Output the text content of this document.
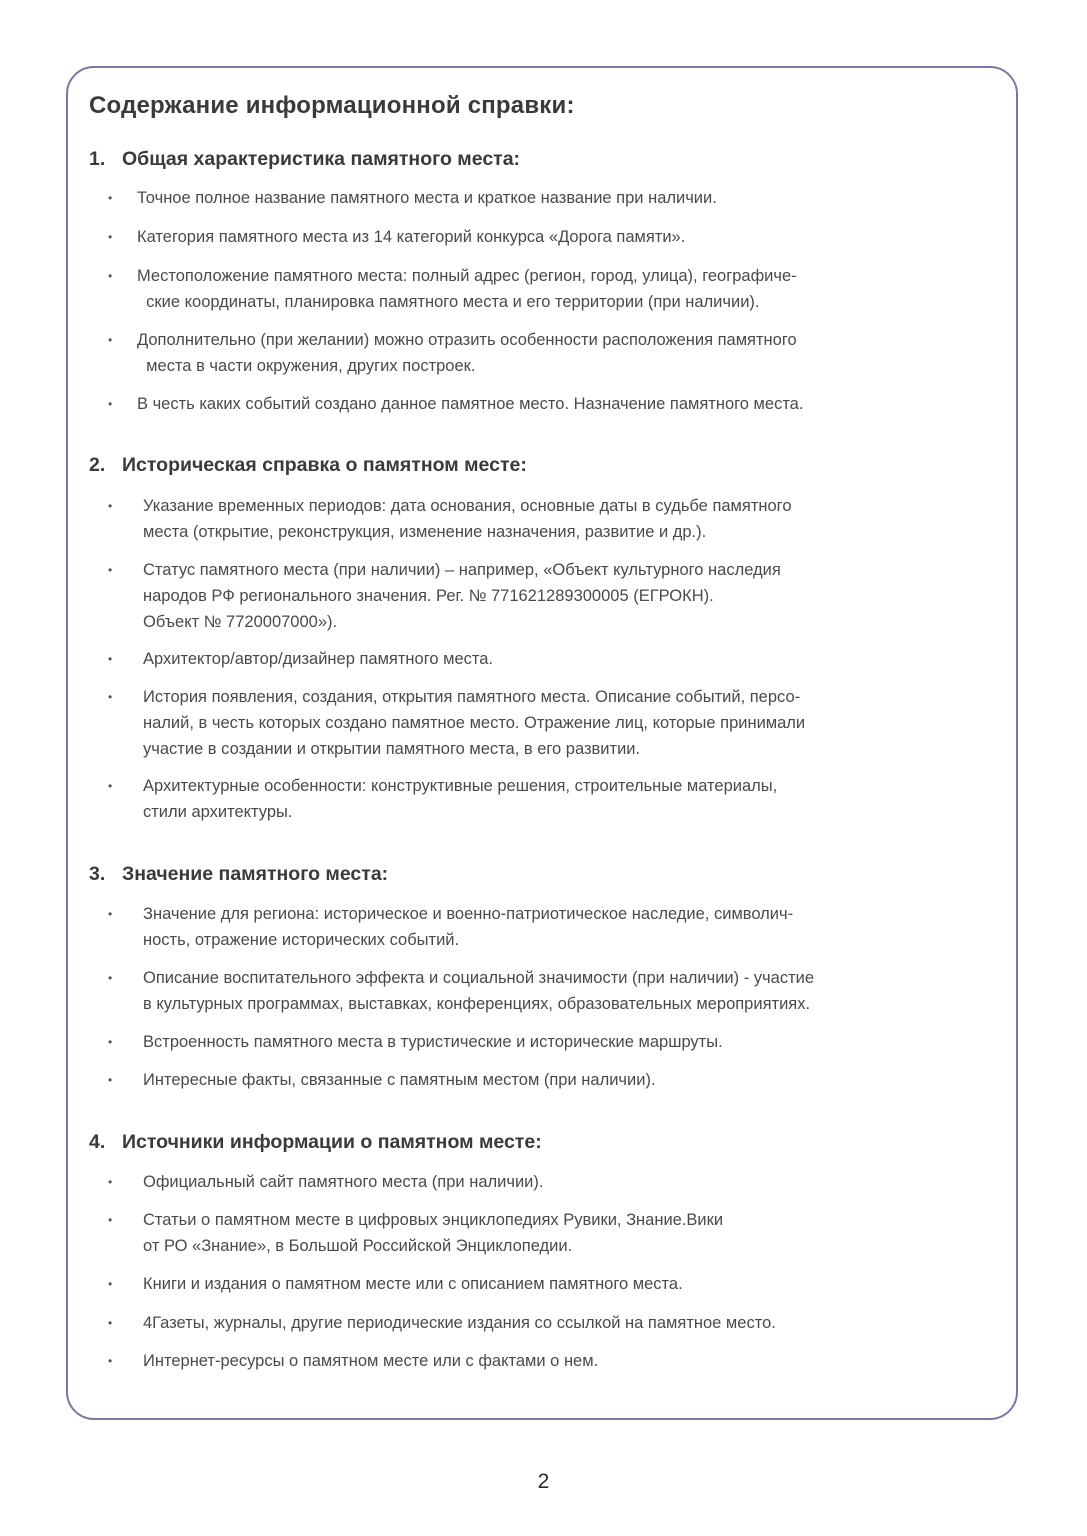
Содержание информационной справки:
1. Общая характеристика памятного места:
•	Точное полное название памятного места и краткое название при наличии.
•	Категория памятного места из 14 категорий конкурса «Дорога памяти».
•	Местоположение памятного места: полный адрес (регион, город, улица), географиче-
ские координаты, планировка памятного места и его территории (при наличии).
•	Дополнительно (при желании) можно отразить особенности расположения памятного
места в части окружения, других построек.
•	В честь каких событий создано данное памятное место. Назначение памятного места.
2. Историческая справка о памятном месте:
•	Указание временных периодов: дата основания, основные даты в судьбе памятного
места (открытие, реконструкция, изменение назначения, развитие и др.).
•	Статус памятного места (при наличии) – например, «Объект культурного наследия
народов РФ регионального значения. Рег. № 771621289300005 (ЕГРОКН).
Объект № 7720007000»).
•	Архитектор/автор/дизайнер памятного места.
•	История появления, создания, открытия памятного места. Описание событий, персо-
налий, в честь которых создано памятное место. Отражение лиц, которые принимали
участие в создании и открытии памятного места, в его развитии.
•	Архитектурные особенности: конструктивные решения, строительные материалы,
стили архитектуры.
3. Значение памятного места:
•	Значение для региона: историческое и военно-патриотическое наследие, символич-
ность, отражение исторических событий.
•	Описание воспитательного эффекта и социальной значимости (при наличии) - участие
в культурных программах, выставках, конференциях, образовательных мероприятиях.
•	Встроенность памятного места в туристические и исторические маршруты.
•	Интересные факты, связанные с памятным местом (при наличии).
4. Источники информации о памятном месте:
•	Официальный сайт памятного места (при наличии).
•	Статьи о памятном месте в цифровых энциклопедиях Рувики, Знание.Вики
от РО «Знание», в Большой Российской Энциклопедии.
•	Книги и издания о памятном месте или с описанием памятного места.
•	4Газеты, журналы, другие периодические издания со ссылкой на памятное место.
•	Интернет-ресурсы о памятном месте или с фактами о нем.
2
